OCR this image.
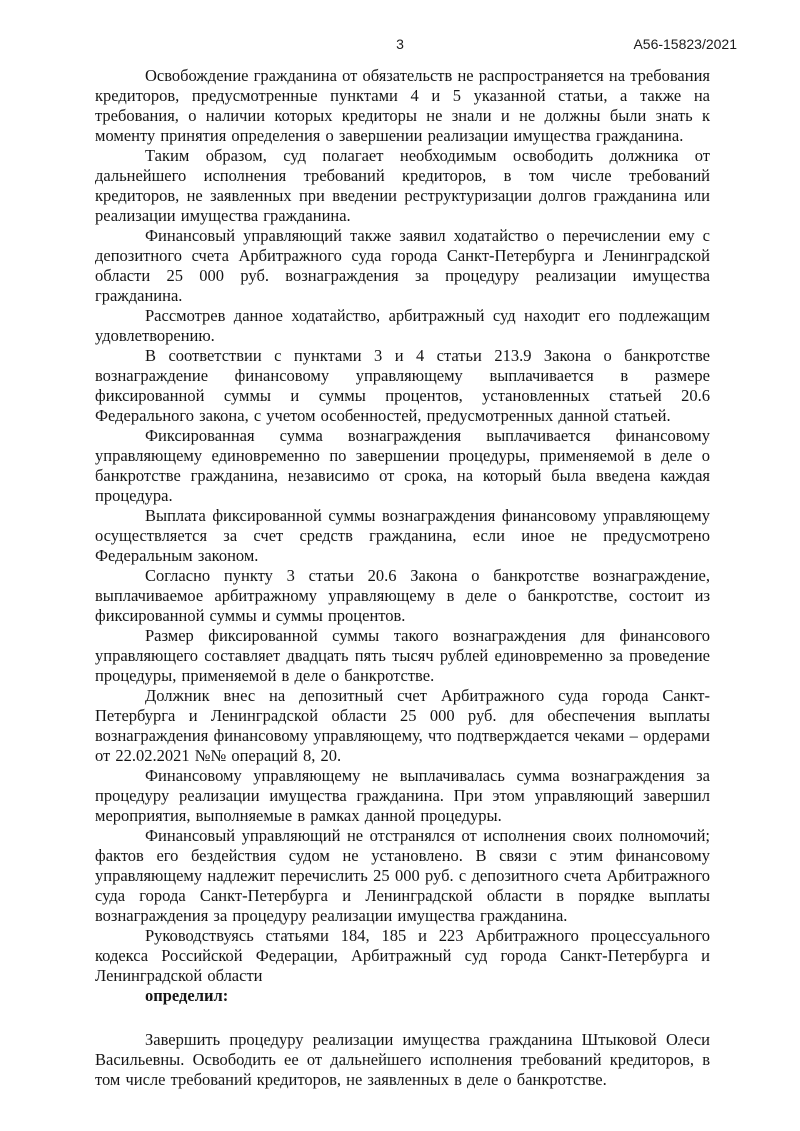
3	А56-15823/2021

Освобождение гражданина от обязательств не распространяется на требования кредиторов, предусмотренные пунктами 4 и 5 указанной статьи, а также на требования, о наличии которых кредиторы не знали и не должны были знать к моменту принятия определения о завершении реализации имущества гражданина.

Таким образом, суд полагает необходимым освободить должника от дальнейшего исполнения требований кредиторов, в том числе требований кредиторов, не заявленных при введении реструктуризации долгов гражданина или реализации имущества гражданина.

Финансовый управляющий также заявил ходатайство о перечислении ему с депозитного счета Арбитражного суда города Санкт-Петербурга и Ленинградской области 25 000 руб. вознаграждения за процедуру реализации имущества гражданина.

Рассмотрев данное ходатайство, арбитражный суд находит его подлежащим удовлетворению.

В соответствии с пунктами 3 и 4 статьи 213.9 Закона о банкротстве вознаграждение финансовому управляющему выплачивается в размере фиксированной суммы и суммы процентов, установленных статьей 20.6 Федерального закона, с учетом особенностей, предусмотренных данной статьей.

Фиксированная сумма вознаграждения выплачивается финансовому управляющему единовременно по завершении процедуры, применяемой в деле о банкротстве гражданина, независимо от срока, на который была введена каждая процедура.

Выплата фиксированной суммы вознаграждения финансовому управляющему осуществляется за счет средств гражданина, если иное не предусмотрено Федеральным законом.

Согласно пункту 3 статьи 20.6 Закона о банкротстве вознаграждение, выплачиваемое арбитражному управляющему в деле о банкротстве, состоит из фиксированной суммы и суммы процентов.

Размер фиксированной суммы такого вознаграждения для финансового управляющего составляет двадцать пять тысяч рублей единовременно за проведение процедуры, применяемой в деле о банкротстве.

Должник внес на депозитный счет Арбитражного суда города Санкт-Петербурга и Ленинградской области 25 000 руб. для обеспечения выплаты вознаграждения финансовому управляющему, что подтверждается чеками – ордерами от 22.02.2021 №№ операций 8, 20.

Финансовому управляющему не выплачивалась сумма вознаграждения за процедуру реализации имущества гражданина. При этом управляющий завершил мероприятия, выполняемые в рамках данной процедуры.

Финансовый управляющий не отстранялся от исполнения своих полномочий; фактов его бездействия судом не установлено. В связи с этим финансовому управляющему надлежит перечислить 25 000 руб. с депозитного счета Арбитражного суда города Санкт-Петербурга и Ленинградской области в порядке выплаты вознаграждения за процедуру реализации имущества гражданина.

Руководствуясь статьями 184, 185 и 223 Арбитражного процессуального кодекса Российской Федерации, Арбитражный суд города Санкт-Петербурга и Ленинградской области

определил:

Завершить процедуру реализации имущества гражданина Штыковой Олеси Васильевны. Освободить ее от дальнейшего исполнения требований кредиторов, в том числе требований кредиторов, не заявленных в деле о банкротстве.
